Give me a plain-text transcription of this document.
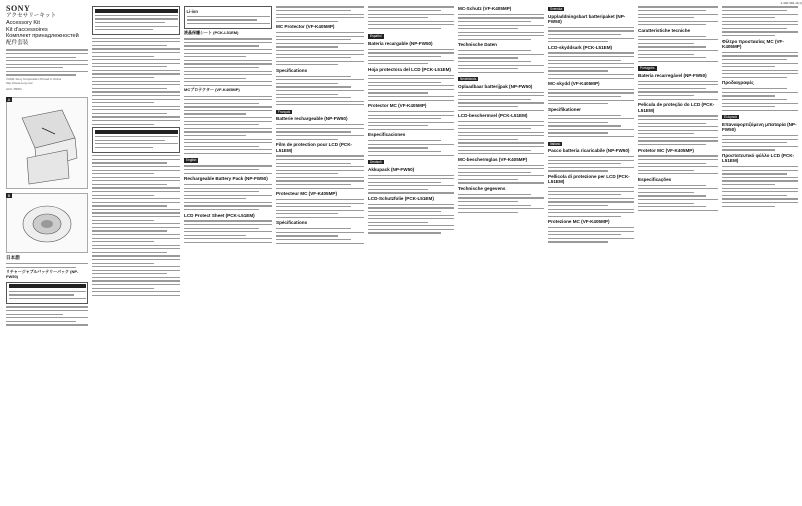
SONY
アクセサリーキット
Accessory Kit
Kit d'accessoires
Комплект принадлежностей
配件套装
©2011 Sony Corporation Printed in China
http://www.sony.net/
ACC-TRW1
A
B
日本語
リチャージャブルバッテリーパック (NP-FW50)
Li-ion
液晶保護シート (PCK-L51EM)
MCプロテクター (VF-K405MP)
English
Rechargeable Battery Pack (NP-FW50)
LCD Protect Sheet (PCK-L51EM)
MC Protector (VF-K405MP)
Specifications
Français
Batterie rechargeable (NP-FW50)
Film de protection pour LCD (PCK-L51EM)
Protecteur MC (VF-K405MP)
Spécifications
Español
Batería recargable (NP-FW50)
Hoja protectora del LCD (PCK-L51EM)
Protector MC (VF-K405MP)
Especificaciones
Deutsch
Akkupack (NP-FW50)
LCD-Schutzfolie (PCK-L51EM)
MC-Schutz (VF-K405MP)
Technische Daten
Nederlands
Oplaadbaar batterijpak (NP-FW50)
LCD-beschermvel (PCK-L51EM)
MC-beschermglas (VF-K405MP)
Technische gegevens
Svenska
Uppladdningsbart batteripaket (NP-FW50)
LCD-skyddsark (PCK-L51EM)
MC-skydd (VF-K405MP)
Specifikationer
Italiano
Pacco batteria ricaricabile (NP-FW50)
Pellicola di protezione per LCD (PCK-L51EM)
Protezione MC (VF-K405MP)
Caratteristiche tecniche
Português
Bateria recarregável (NP-FW50)
Película de proteção do LCD (PCK-L51EM)
Protetor MC (VF-K405MP)
Especificações
Φίλτρο προστασίας MC (VF-K405MP)
Προδιαγραφές
Ελληνικά
Επαναφορτιζόμενη μπαταρία (NP-FW50)
Προστατευτικό φύλλο LCD (PCK-L51EM)
4-300-969-11(1)
